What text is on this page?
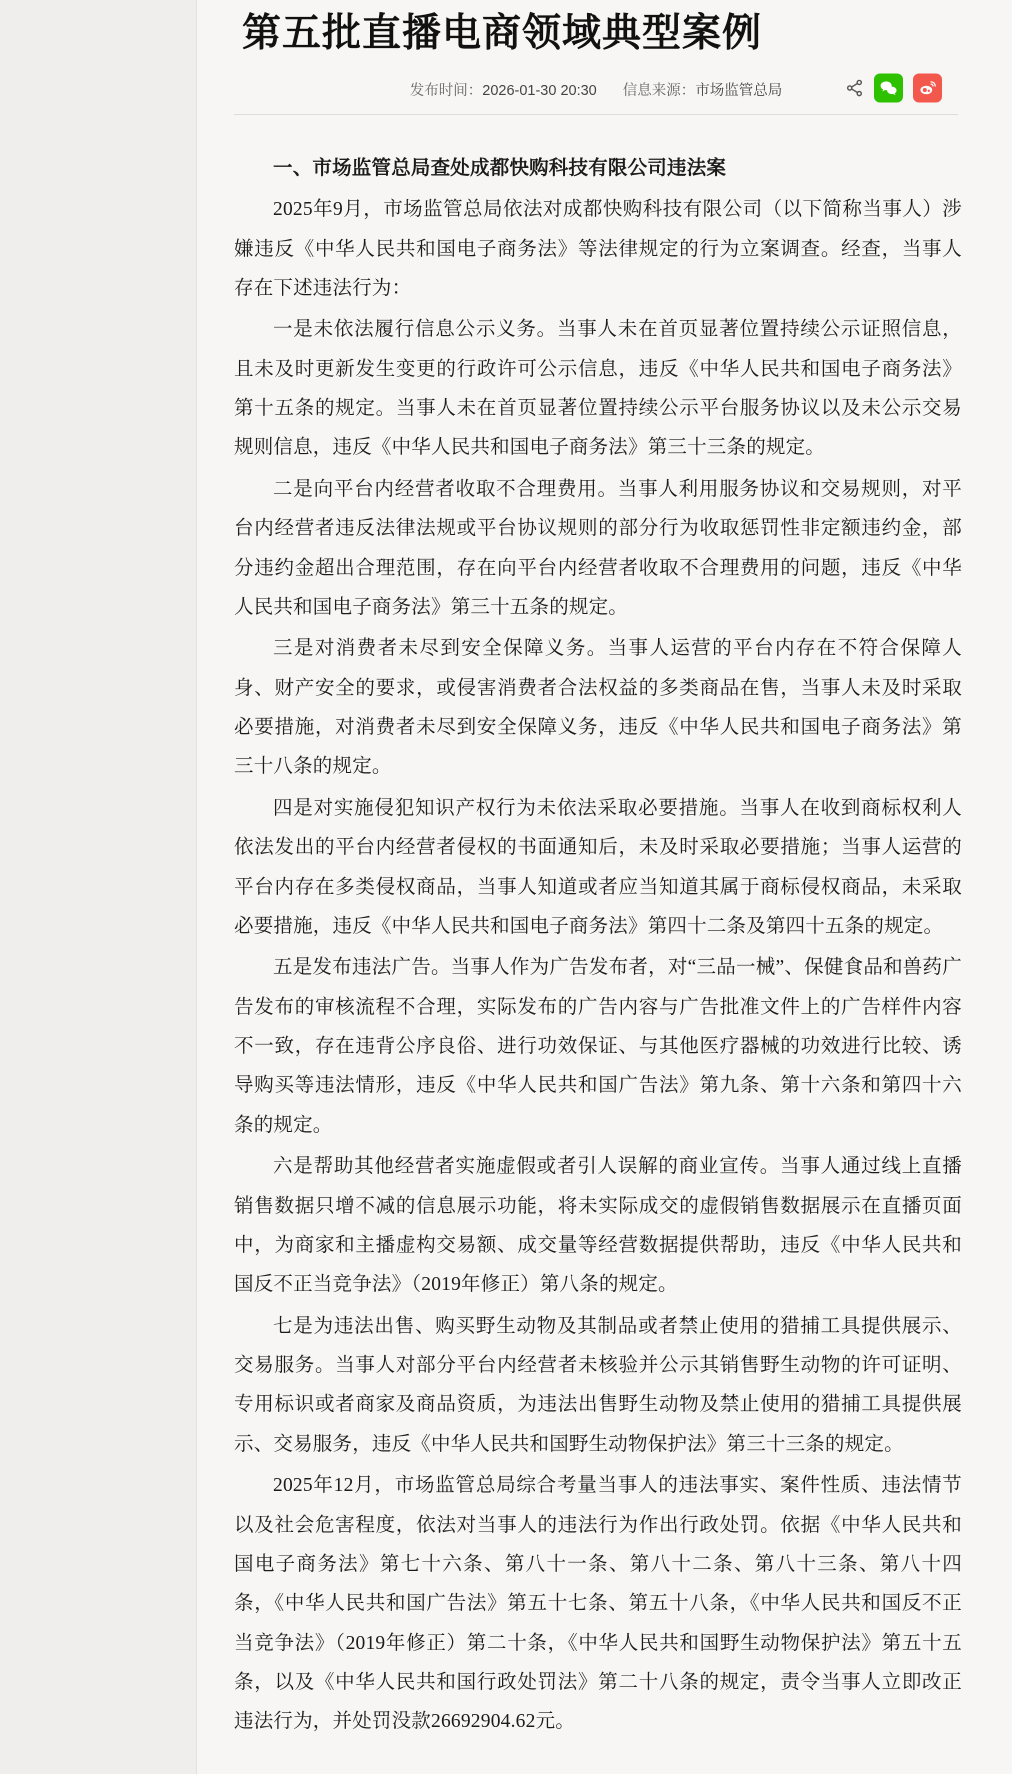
第五批直播电商领域典型案例
发布时间：2026-01-30 20:30 信息来源：市场监管总局

一、市场监管总局查处成都快购科技有限公司违法案

2025年9月，市场监管总局依法对成都快购科技有限公司（以下简称当事人）涉嫌违反《中华人民共和国电子商务法》等法律规定的行为立案调查。经查，当事人存在下述违法行为：

一是未依法履行信息公示义务。当事人未在首页显著位置持续公示证照信息，且未及时更新发生变更的行政许可公示信息，违反《中华人民共和国电子商务法》第十五条的规定。当事人未在首页显著位置持续公示平台服务协议以及未公示交易规则信息，违反《中华人民共和国电子商务法》第三十三条的规定。

二是向平台内经营者收取不合理费用。当事人利用服务协议和交易规则，对平台内经营者违反法律法规或平台协议规则的部分行为收取惩罚性非定额违约金，部分违约金超出合理范围，存在向平台内经营者收取不合理费用的问题，违反《中华人民共和国电子商务法》第三十五条的规定。

三是对消费者未尽到安全保障义务。当事人运营的平台内存在不符合保障人身、财产安全的要求，或侵害消费者合法权益的多类商品在售，当事人未及时采取必要措施，对消费者未尽到安全保障义务，违反《中华人民共和国电子商务法》第三十八条的规定。

四是对实施侵犯知识产权行为未依法采取必要措施。当事人在收到商标权利人依法发出的平台内经营者侵权的书面通知后，未及时采取必要措施；当事人运营的平台内存在多类侵权商品，当事人知道或者应当知道其属于商标侵权商品，未采取必要措施，违反《中华人民共和国电子商务法》第四十二条及第四十五条的规定。

五是发布违法广告。当事人作为广告发布者，对“三品一械”、保健食品和兽药广告发布的审核流程不合理，实际发布的广告内容与广告批准文件上的广告样件内容不一致，存在违背公序良俗、进行功效保证、与其他医疗器械的功效进行比较、诱导购买等违法情形，违反《中华人民共和国广告法》第九条、第十六条和第四十六条的规定。

六是帮助其他经营者实施虚假或者引人误解的商业宣传。当事人通过线上直播销售数据只增不减的信息展示功能，将未实际成交的虚假销售数据展示在直播页面中，为商家和主播虚构交易额、成交量等经营数据提供帮助，违反《中华人民共和国反不正当竞争法》（2019年修正）第八条的规定。

七是为违法出售、购买野生动物及其制品或者禁止使用的猎捕工具提供展示、交易服务。当事人对部分平台内经营者未核验并公示其销售野生动物的许可证明、专用标识或者商家及商品资质，为违法出售野生动物及禁止使用的猎捕工具提供展示、交易服务，违反《中华人民共和国野生动物保护法》第三十三条的规定。

2025年12月，市场监管总局综合考量当事人的违法事实、案件性质、违法情节以及社会危害程度，依法对当事人的违法行为作出行政处罚。依据《中华人民共和国电子商务法》第七十六条、第八十一条、第八十二条、第八十三条、第八十四条，《中华人民共和国广告法》第五十七条、第五十八条，《中华人民共和国反不正当竞争法》（2019年修正）第二十条，《中华人民共和国野生动物保护法》第五十五条，以及《中华人民共和国行政处罚法》第二十八条的规定，责令当事人立即改正违法行为，并处罚没款26692904.62元。
